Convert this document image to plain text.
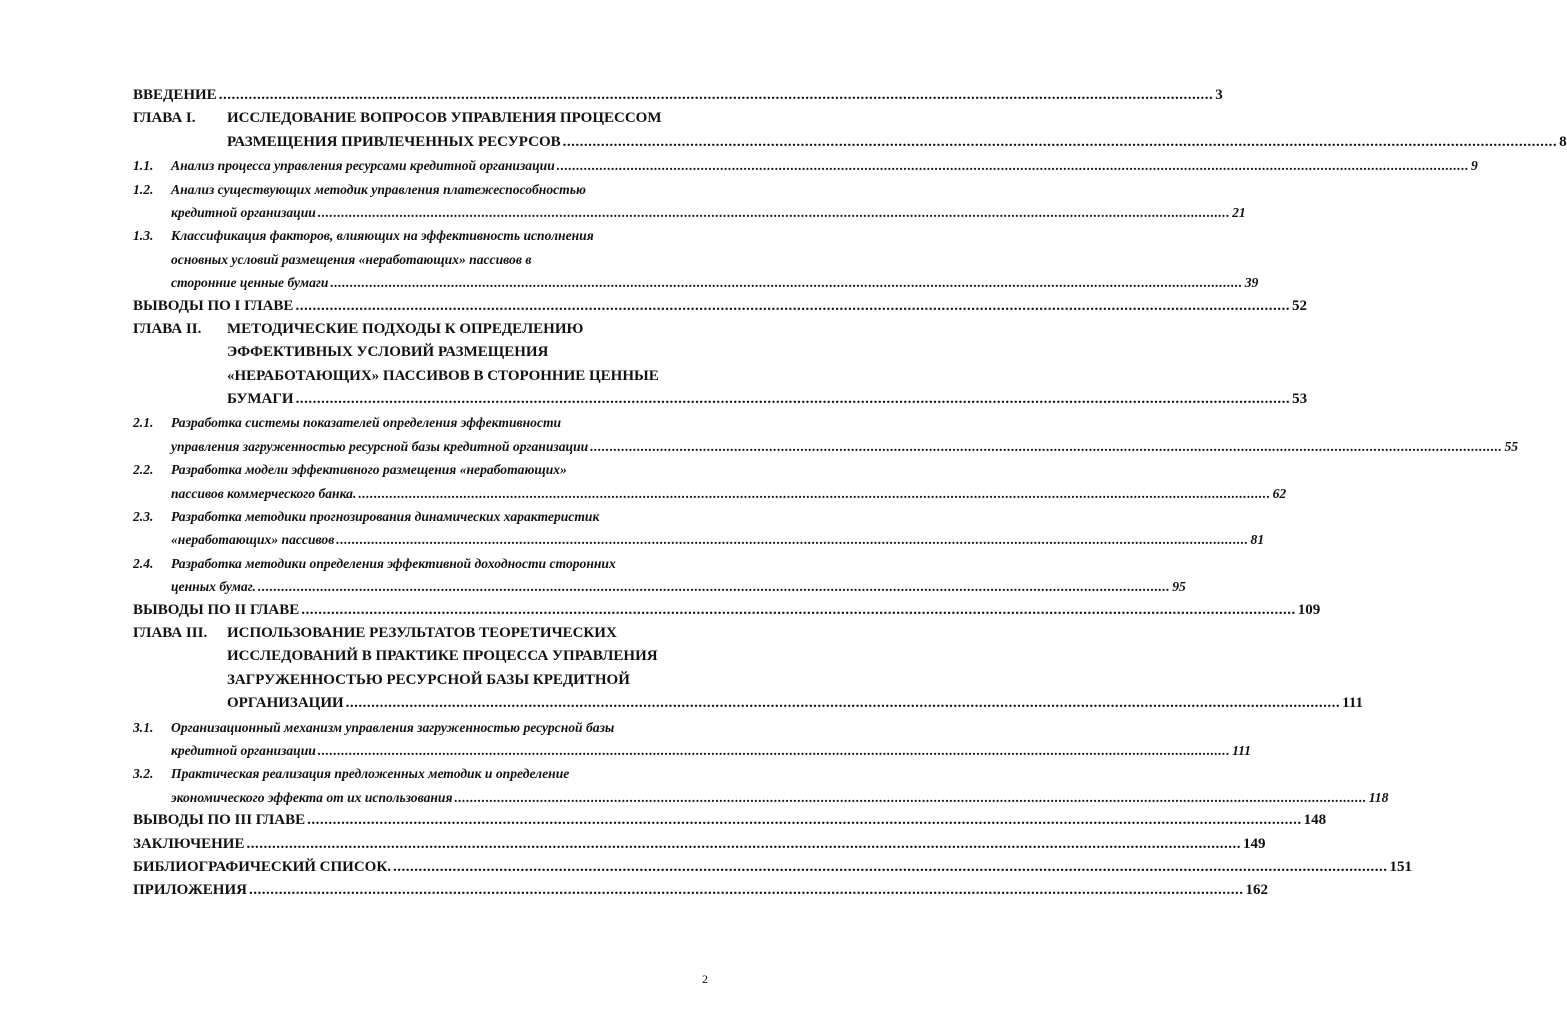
ВВЕДЕНИЕ .....	3
ГЛАВА I.	ИССЛЕДОВАНИЕ ВОПРОСОВ УПРАВЛЕНИЯ ПРОЦЕССОМ
РАЗМЕЩЕНИЯ ПРИВЛЕЧЕННЫХ РЕСУРСОВ .....	8
1.1.	Анализ процесса управления ресурсами кредитной организации .....	9
1.2.	Анализ существующих методик управления платежеспособностью
кредитной организации .....	21
1.3.	Классификация факторов, влияющих на эффективность исполнения
основных условий размещения «неработающих» пассивов в
сторонние ценные бумаги .....	39
ВЫВОДЫ ПО I ГЛАВЕ .....	52
ГЛАВА II.	МЕТОДИЧЕСКИЕ ПОДХОДЫ К ОПРЕДЕЛЕНИЮ
ЭФФЕКТИВНЫХ УСЛОВИЙ РАЗМЕЩЕНИЯ
«НЕРАБОТАЮЩИХ» ПАССИВОВ В СТОРОННИЕ ЦЕННЫЕ
БУМАГИ .....	53
2.1.	Разработка системы показателей определения эффективности
управления загруженностью ресурсной базы кредитной организации .....	55
2.2.	Разработка модели эффективного размещения «неработающих»
пассивов коммерческого банка. .....	62
2.3.	Разработка методики прогнозирования динамических характеристик
«неработающих» пассивов .....	81
2.4.	Разработка методики определения эффективной доходности сторонних
ценных бумаг. .....	95
ВЫВОДЫ ПО II ГЛАВЕ .....	109
ГЛАВА III.	ИСПОЛЬЗОВАНИЕ РЕЗУЛЬТАТОВ ТЕОРЕТИЧЕСКИХ
ИССЛЕДОВАНИЙ В ПРАКТИКЕ ПРОЦЕССА УПРАВЛЕНИЯ
ЗАГРУЖЕННОСТЬЮ РЕСУРСНОЙ БАЗЫ КРЕДИТНОЙ
ОРГАНИЗАЦИИ .....	111
3.1.	Организационный механизм управления загруженностью ресурсной базы
кредитной организации .....	111
3.2.	Практическая реализация предложенных методик и определение
экономического эффекта от их использования .....	118
ВЫВОДЫ ПО III ГЛАВЕ .....	148
ЗАКЛЮЧЕНИЕ .....	149
БИБЛИОГРАФИЧЕСКИЙ СПИСОК. .....	151
ПРИЛОЖЕНИЯ .....	162
2
